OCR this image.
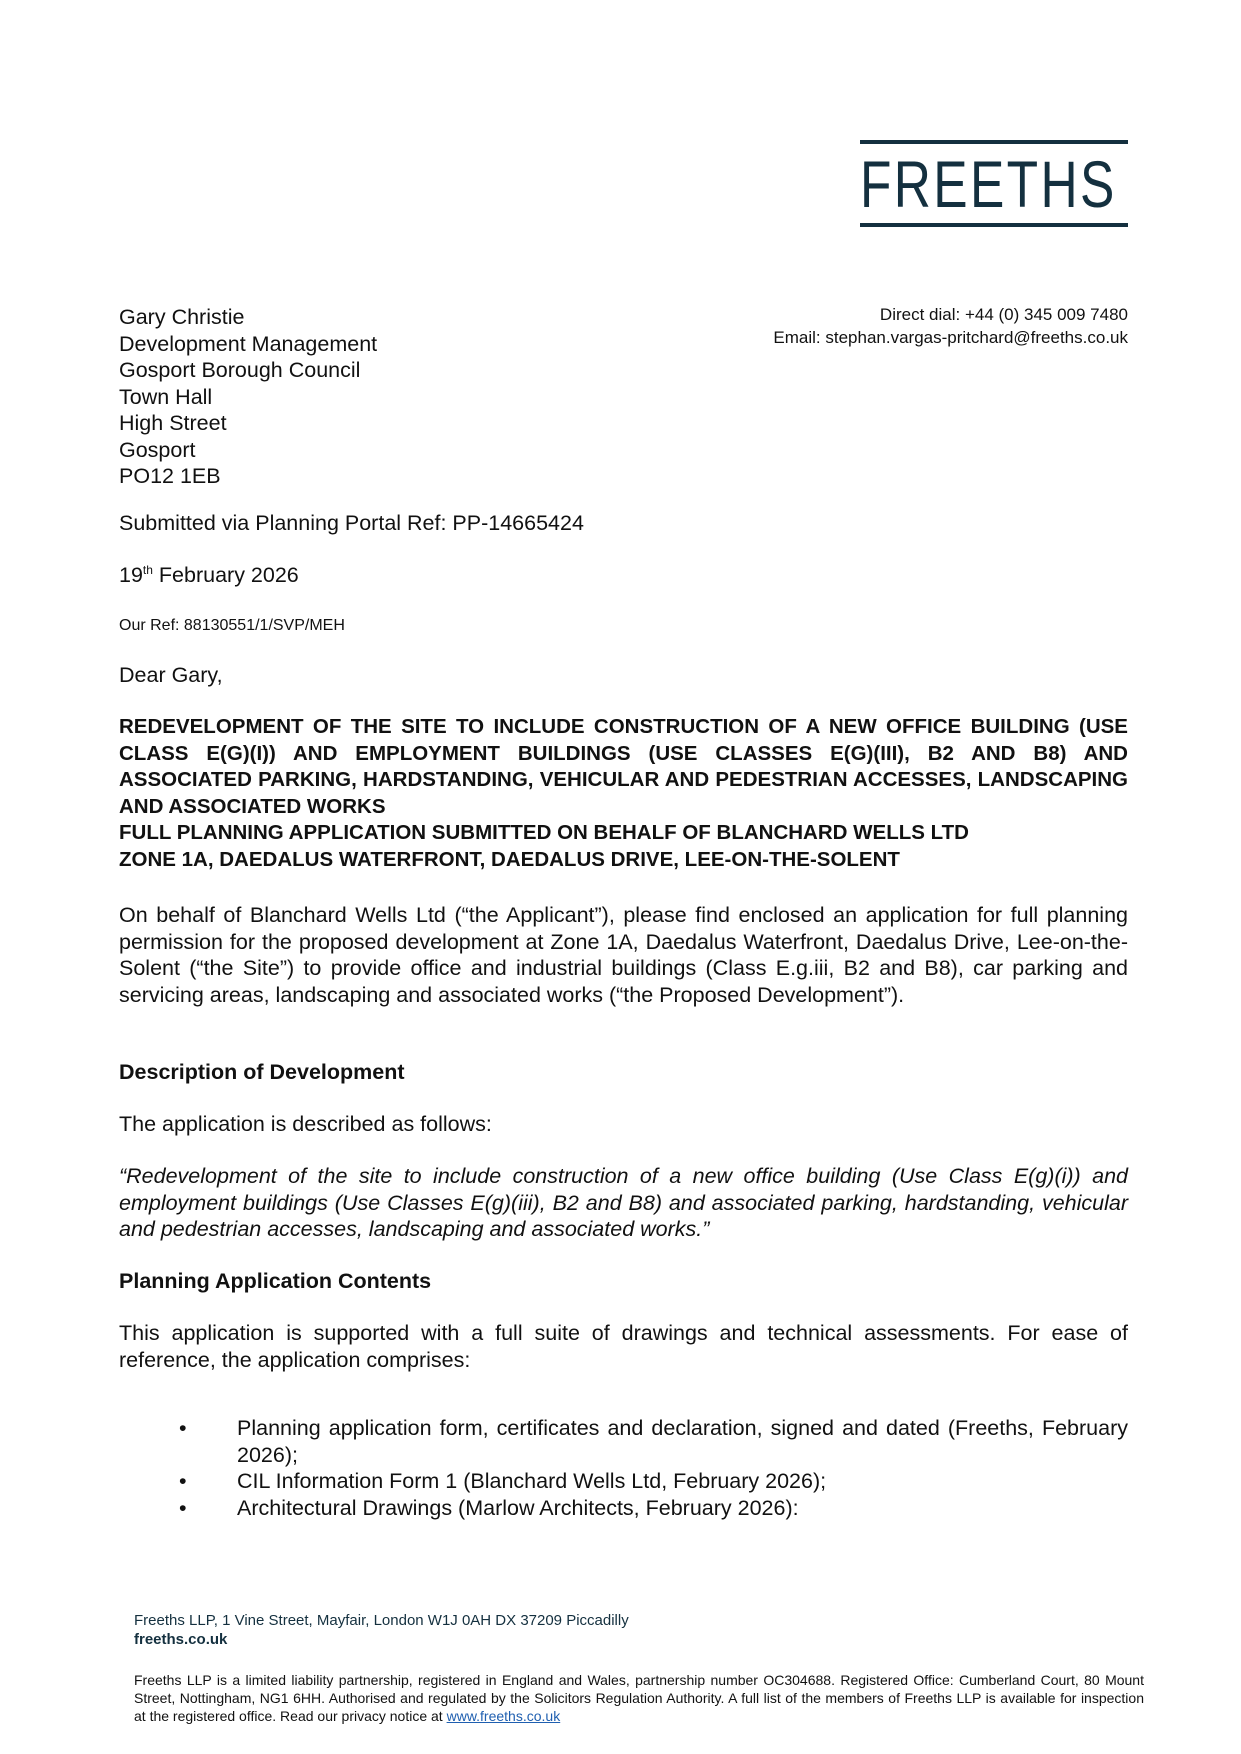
FREETHS
Direct dial: +44 (0) 345 009 7480
Email: stephan.vargas-pritchard@freeths.co.uk
Gary Christie
Development Management
Gosport Borough Council
Town Hall
High Street
Gosport
PO12 1EB
Submitted via Planning Portal Ref: PP-14665424
19th February 2026
Our Ref: 88130551/1/SVP/MEH
Dear Gary,
REDEVELOPMENT OF THE SITE TO INCLUDE CONSTRUCTION OF A NEW OFFICE BUILDING (USE CLASS E(G)(I)) AND EMPLOYMENT BUILDINGS (USE CLASSES E(G)(III), B2 AND B8) AND ASSOCIATED PARKING, HARDSTANDING, VEHICULAR AND PEDESTRIAN ACCESSES, LANDSCAPING AND ASSOCIATED WORKS
FULL PLANNING APPLICATION SUBMITTED ON BEHALF OF BLANCHARD WELLS LTD
ZONE 1A, DAEDALUS WATERFRONT, DAEDALUS DRIVE, LEE-ON-THE-SOLENT
On behalf of Blanchard Wells Ltd (“the Applicant”), please find enclosed an application for full planning permission for the proposed development at Zone 1A, Daedalus Waterfront, Daedalus Drive, Lee-on-the-Solent (“the Site”) to provide office and industrial buildings (Class E.g.iii, B2 and B8), car parking and servicing areas, landscaping and associated works (“the Proposed Development”).
Description of Development
The application is described as follows:
“Redevelopment of the site to include construction of a new office building (Use Class E(g)(i)) and employment buildings (Use Classes E(g)(iii), B2 and B8) and associated parking, hardstanding, vehicular and pedestrian accesses, landscaping and associated works.”
Planning Application Contents
This application is supported with a full suite of drawings and technical assessments. For ease of reference, the application comprises:
• Planning application form, certificates and declaration, signed and dated (Freeths, February 2026);
• CIL Information Form 1 (Blanchard Wells Ltd, February 2026);
• Architectural Drawings (Marlow Architects, February 2026):
Freeths LLP, 1 Vine Street, Mayfair, London W1J 0AH DX 37209 Piccadilly
freeths.co.uk
Freeths LLP is a limited liability partnership, registered in England and Wales, partnership number OC304688. Registered Office: Cumberland Court, 80 Mount Street, Nottingham, NG1 6HH. Authorised and regulated by the Solicitors Regulation Authority. A full list of the members of Freeths LLP is available for inspection at the registered office. Read our privacy notice at www.freeths.co.uk
